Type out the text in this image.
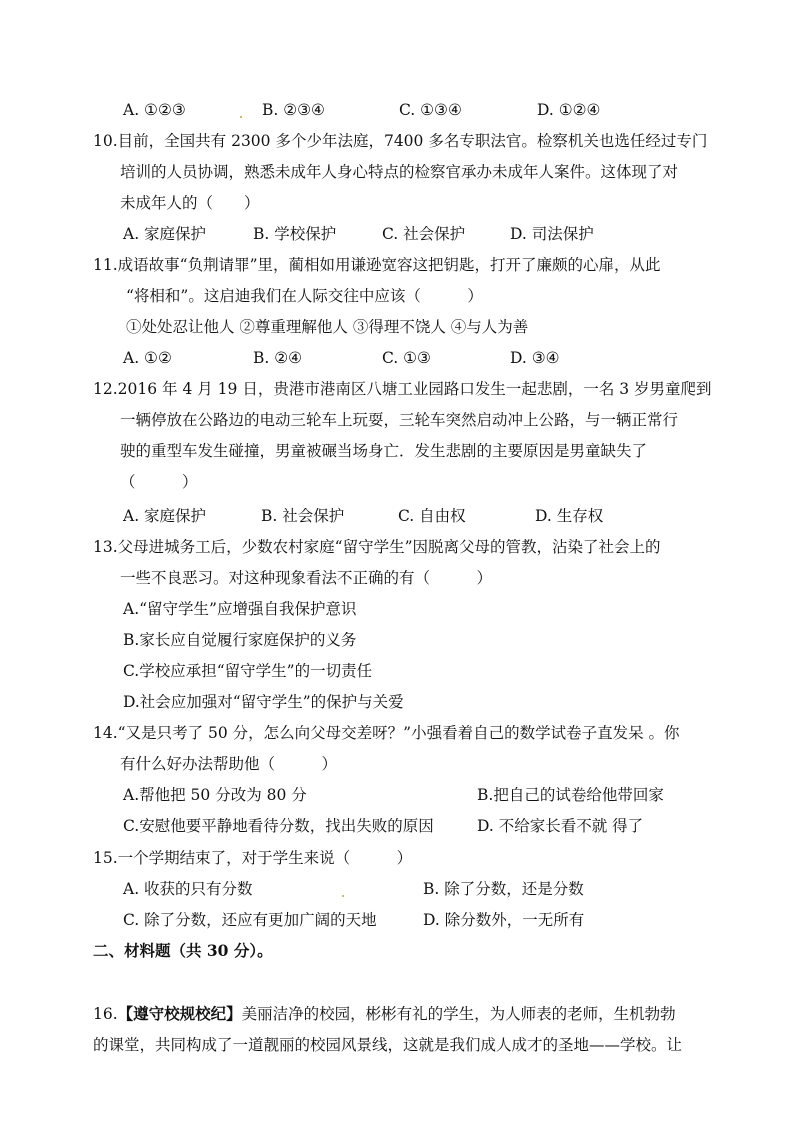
A. ①②③	B. ②③④	C. ①③④	D. ①②④
10.目前，全国共有 2300 多个少年法庭，7400 多名专职法官。检察机关也选任经过专门
培训的人员协调，熟悉未成年人身心特点的检察官承办未成年人案件。这体现了对
未成年人的（　　）
A. 家庭保护	B. 学校保护	C. 社会保护	D. 司法保护
11.成语故事“负荆请罪”里，蔺相如用谦逊宽容这把钥匙，打开了廉颇的心扉，从此
“将相和”。这启迪我们在人际交往中应该（　　　）
①处处忍让他人 ②尊重理解他人 ③得理不饶人 ④与人为善
A. ①②	B. ②④	C. ①③	D. ③④
12.2016 年 4 月 19 日，贵港市港南区八塘工业园路口发生一起悲剧，一名 3 岁男童爬到
一辆停放在公路边的电动三轮车上玩耍，三轮车突然启动冲上公路，与一辆正常行
驶的重型车发生碰撞，男童被碾当场身亡．发生悲剧的主要原因是男童缺失了
（　　　）
A. 家庭保护	B. 社会保护	C. 自由权	D. 生存权
13.父母进城务工后，少数农村家庭“留守学生”因脱离父母的管教，沾染了社会上的
一些不良恶习。对这种现象看法不正确的有（　　　）
A.“留守学生”应增强自我保护意识
B.家长应自觉履行家庭保护的义务
C.学校应承担“留守学生”的一切责任
D.社会应加强对“留守学生”的保护与关爱
14.“又是只考了 50 分，怎么向父母交差呀？”小强看着自己的数学试卷子直发呆 。你
有什么好办法帮助他（　　　）
A.帮他把 50 分改为 80 分	B.把自己的试卷给他带回家
C.安慰他要平静地看待分数，找出失败的原因	D. 不给家长看不就 得了
15.一个学期结束了，对于学生来说（　　　）
A. 收获的只有分数	B. 除了分数，还是分数
C. 除了分数，还应有更加广阔的天地	D. 除分数外，一无所有
二、材料题（共 30 分）。
16.【遵守校规校纪】美丽洁净的校园，彬彬有礼的学生，为人师表的老师，生机勃勃
的课堂，共同构成了一道靓丽的校园风景线，这就是我们成人成才的圣地——学校。让
